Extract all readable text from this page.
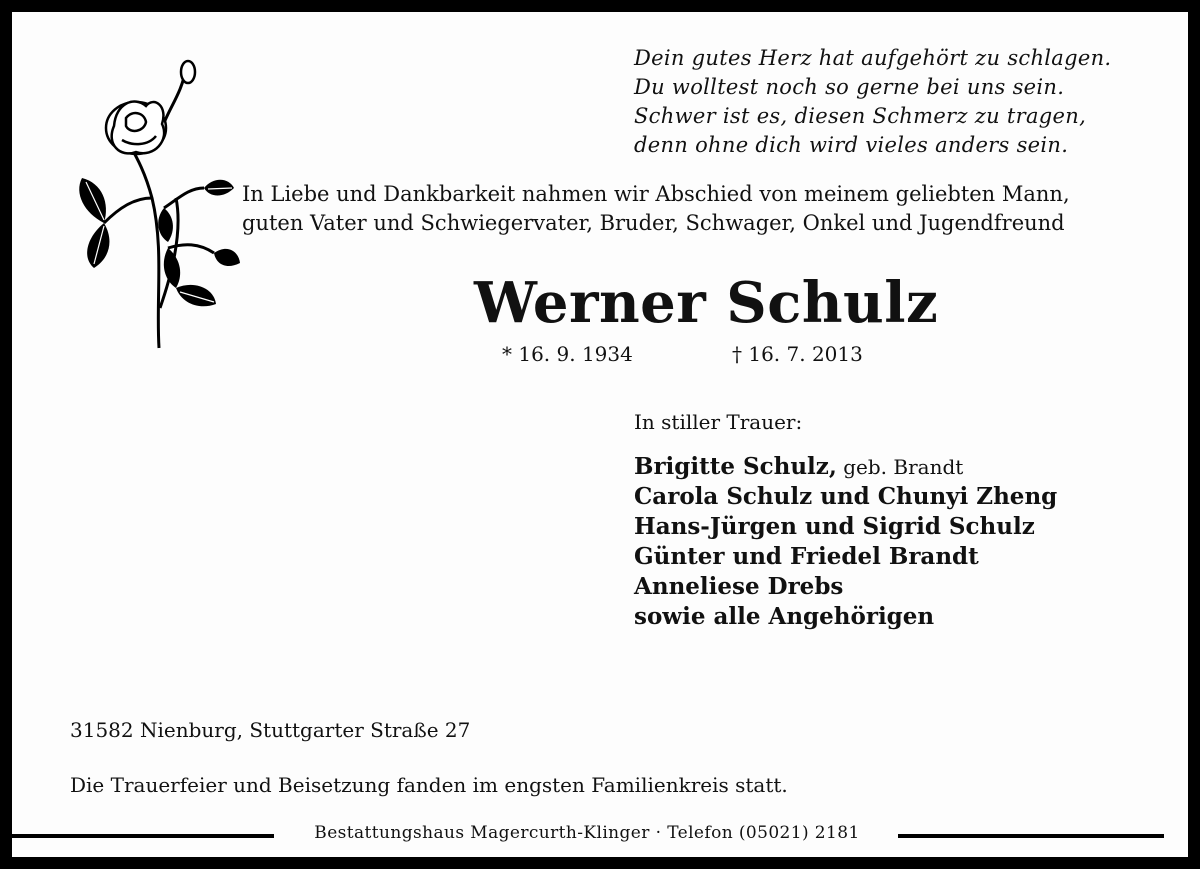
Dein gutes Herz hat aufgehört zu schlagen.
Du wolltest noch so gerne bei uns sein.
Schwer ist es, diesen Schmerz zu tragen,
denn ohne dich wird vieles anders sein.
In Liebe und Dankbarkeit nahmen wir Abschied von meinem geliebten Mann,
guten Vater und Schwiegervater, Bruder, Schwager, Onkel und Jugendfreund
Werner Schulz
* 16. 9. 1934	† 16. 7. 2013
In stiller Trauer:
Brigitte Schulz, geb. Brandt
Carola Schulz und Chunyi Zheng
Hans-Jürgen und Sigrid Schulz
Günter und Friedel Brandt
Anneliese Drebs
sowie alle Angehörigen
31582 Nienburg, Stuttgarter Straße 27
Die Trauerfeier und Beisetzung fanden im engsten Familienkreis statt.
Bestattungshaus Magercurth-Klinger · Telefon (05021) 2181
